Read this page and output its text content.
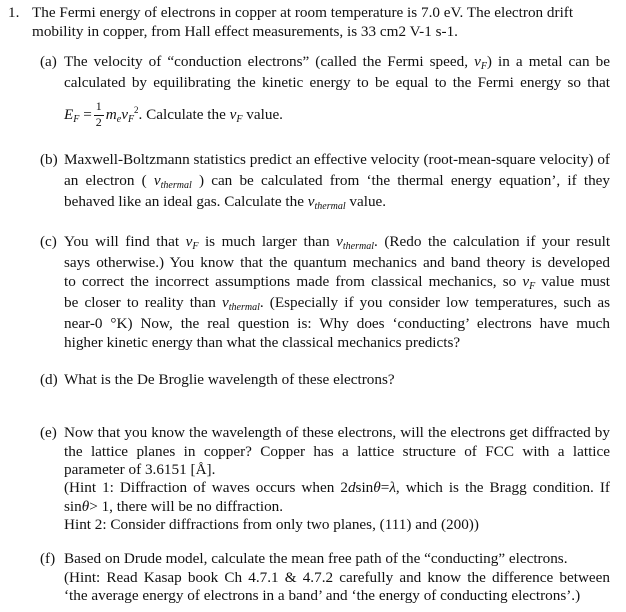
1. The Fermi energy of electrons in copper at room temperature is 7.0 eV. The electron drift
mobility in copper, from Hall effect measurements, is 33 cm2 V-1 s-1.
(a) The velocity of “conduction electrons” (called the Fermi speed, $v_F$) in a metal can be
calculated by equilibrating the kinetic energy to be equal to the Fermi energy so that
$E_F = \frac{1}{2} m_ev_F^2$. Calculate the $v_F$ value.
(b) Maxwell-Boltzmann statistics predict an effective velocity (root-mean-square velocity) of
an electron ( $v_{thermal}$ ) can be calculated from ‘the thermal energy equation’, if they
behaved like an ideal gas. Calculate the $v_{thermal}$ value.
(c) You will find that $v_F$ is much larger than $v_{thermal}$. (Redo the calculation if your result
says otherwise.) You know that the quantum mechanics and band theory is developed
to correct the incorrect assumptions made from classical mechanics, so $v_F$ value must
be closer to reality than $v_{thermal}$. (Especially if you consider low temperatures, such as
near-0 °K) Now, the real question is: Why does ‘conducting’ electrons have much
higher kinetic energy than what the classical mechanics predicts?
(d) What is the De Broglie wavelength of these electrons?
(e) Now that you know the wavelength of these electrons, will the electrons get diffracted by
the lattice planes in copper? Copper has a lattice structure of FCC with a lattice
parameter of 3.6151 [Å].
(Hint 1: Diffraction of waves occurs when 2dsinθ=λ, which is the Bragg condition. If
sinθ> 1, there will be no diffraction.
Hint 2: Consider diffractions from only two planes, (111) and (200))
(f) Based on Drude model, calculate the mean free path of the “conducting” electrons.
(Hint: Read Kasap book Ch 4.7.1 & 4.7.2 carefully and know the difference between
‘the average energy of electrons in a band’ and ‘the energy of conducting electrons’.)
